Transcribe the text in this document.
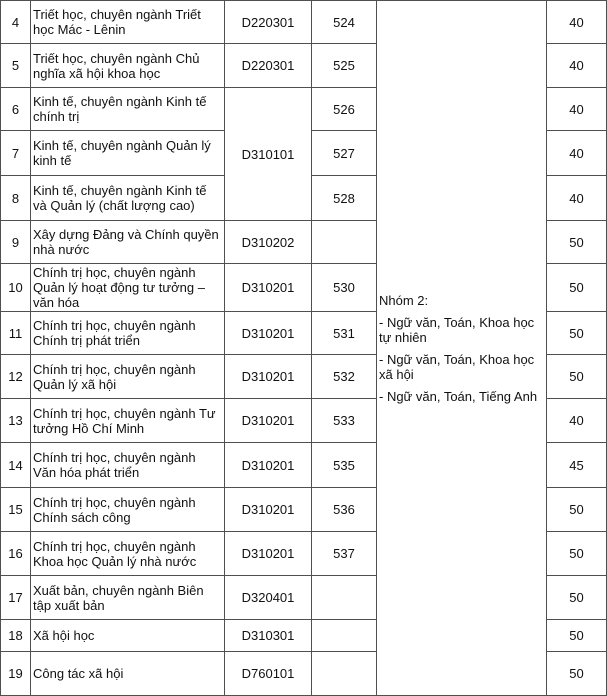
4	Triết học, chuyên ngành Triết học Mác - Lênin	D220301	524	Nhóm 2:

- Ngữ văn, Toán, Khoa học tự nhiên

- Ngữ văn, Toán, Khoa học xã hội

- Ngữ văn, Toán, Tiếng Anh	40
5	Triết học, chuyên ngành Chủ nghĩa xã hội khoa học	D220301	525		40
6	Kinh tế, chuyên ngành Kinh tế chính trị	D310101	526		40
7	Kinh tế, chuyên ngành Quản lý kinh tế		527		40
8	Kinh tế, chuyên ngành Kinh tế và Quản lý (chất lượng cao)		528		40
9	Xây dựng Đảng và Chính quyền nhà nước	D310202			50
10	Chính trị học, chuyên ngành Quản lý hoạt động tư tưởng – văn hóa	D310201	530		50
11	Chính trị học, chuyên ngành Chính trị phát triển	D310201	531		50
12	Chính trị học, chuyên ngành Quản lý xã hội	D310201	532		50
13	Chính trị học, chuyên ngành Tư tưởng Hồ Chí Minh	D310201	533		40
14	Chính trị học, chuyên ngành Văn hóa phát triển	D310201	535		45
15	Chính trị học, chuyên ngành Chính sách công	D310201	536		50
16	Chính trị học, chuyên ngành Khoa học Quản lý nhà nước	D310201	537		50
17	Xuất bản, chuyên ngành Biên tập xuất bản	D320401			50
18	Xã hội học	D310301			50
19	Công tác xã hội	D760101			50
